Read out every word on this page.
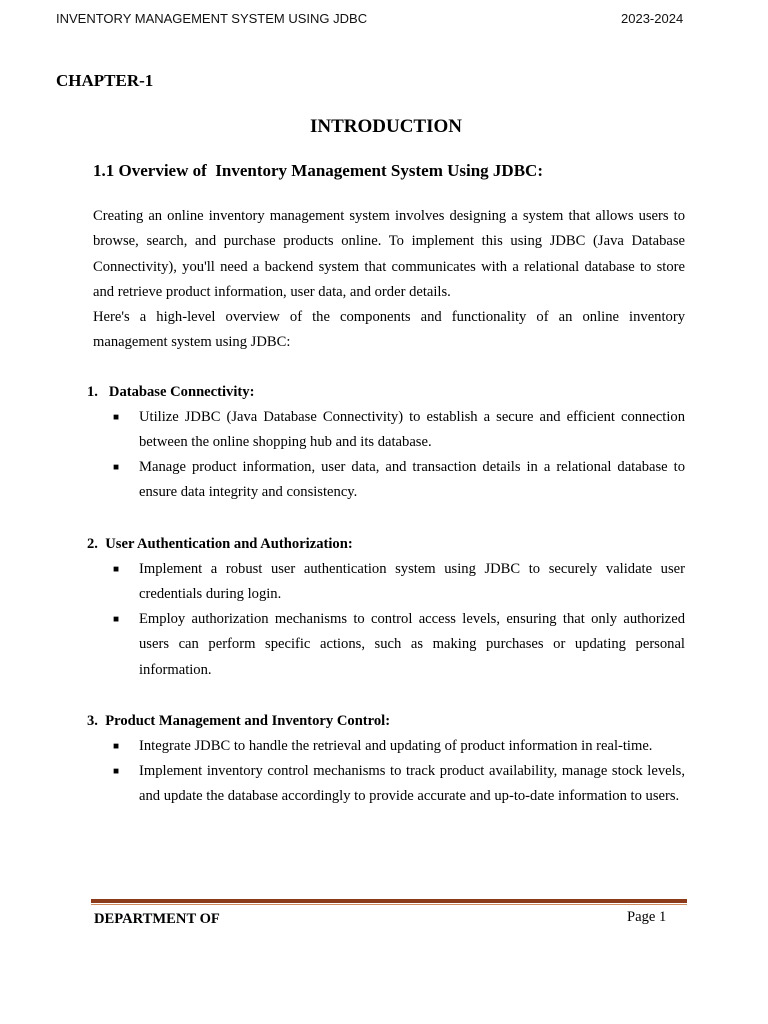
INVENTORY MANAGEMENT SYSTEM USING JDBC	2023-2024
CHAPTER-1
INTRODUCTION
1.1 Overview of  Inventory Management System Using JDBC:

Creating an online inventory management system involves designing a system that allows users to browse, search, and purchase products online. To implement this using JDBC (Java Database Connectivity), you'll need a backend system that communicates with a relational database to store and retrieve product information, user data, and order details.

Here's a high-level overview of the components and functionality of an online inventory management system using JDBC:

1. Database Connectivity:
■ Utilize JDBC (Java Database Connectivity) to establish a secure and efficient connection between the online shopping hub and its database.

■ Manage product information, user data, and transaction details in a relational database to ensure data integrity and consistency.

2. User Authentication and Authorization:
■ Implement a robust user authentication system using JDBC to securely validate user credentials during login.

■ Employ authorization mechanisms to control access levels, ensuring that only authorized users can perform specific actions, such as making purchases or updating personal information.

3. Product Management and Inventory Control:
■ Integrate JDBC to handle the retrieval and updating of product information in real-time.

■ Implement inventory control mechanisms to track product availability, manage stock levels, and update the database accordingly to provide accurate and up-to-date information to users.

DEPARTMENT OF	Page 1
